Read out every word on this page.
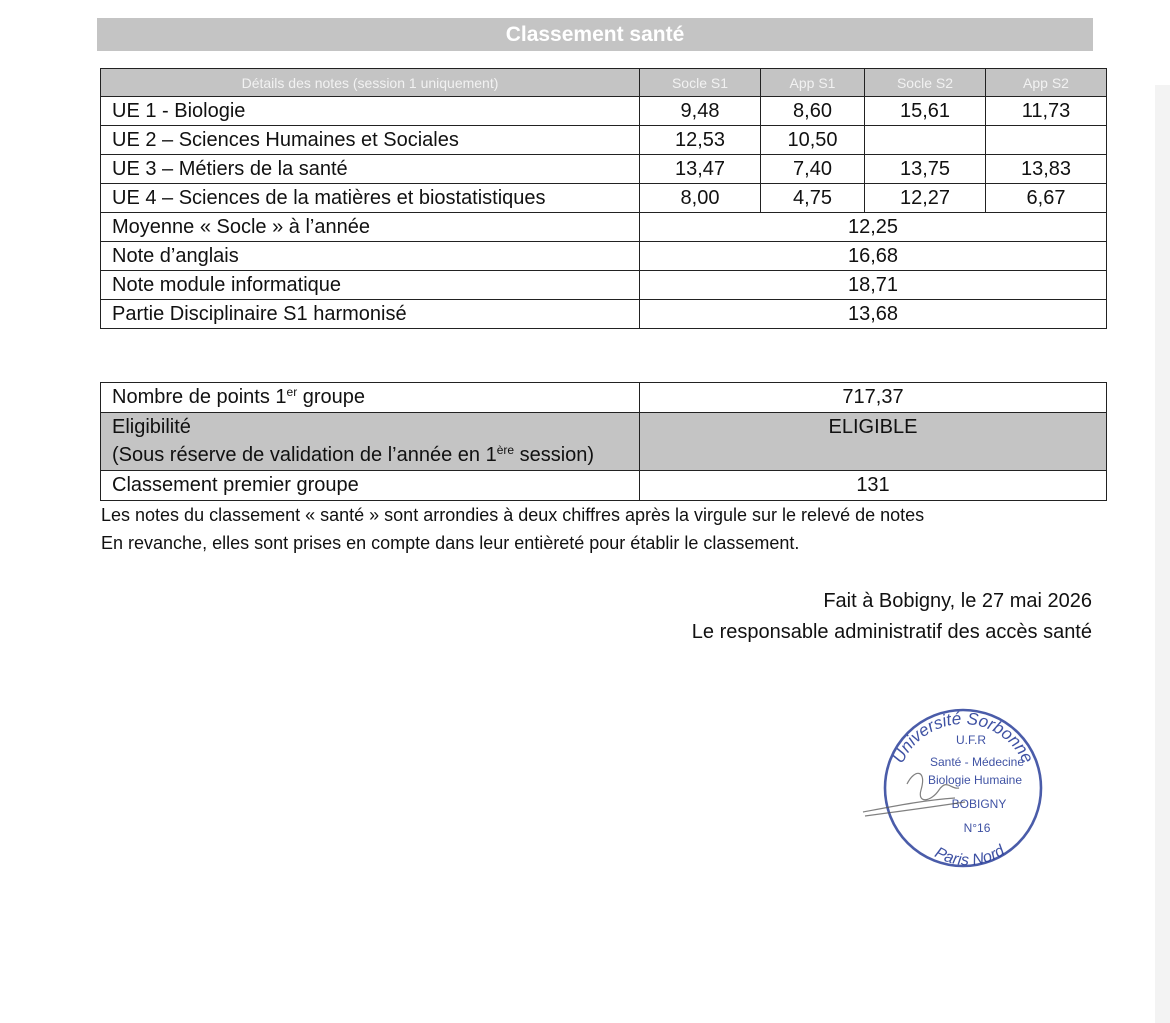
Classement santé
Détails des notes (session 1 uniquement)	Socle S1	App S1	Socle S2	App S2
UE 1 - Biologie	9,48	8,60	15,61	11,73
UE 2 – Sciences Humaines et Sociales	12,53	10,50		
UE 3 – Métiers de la santé	13,47	7,40	13,75	13,83
UE 4 – Sciences de la matières et biostatistiques	8,00	4,75	12,27	6,67
Moyenne « Socle » à l’année	12,25			
Note d’anglais	16,68			
Note module informatique	18,71			
Partie Disciplinaire S1 harmonisé	13,68			
Nombre de points 1er groupe	717,37
Eligibilité
(Sous réserve de validation de l’année en 1ère session)	ELIGIBLE
Classement premier groupe	131
Les notes du classement « santé » sont arrondies à deux chiffres après la virgule sur le relevé de notes
En revanche, elles sont prises en compte dans leur entièreté pour établir le classement.
Fait à Bobigny, le 27 mai 2026
Le responsable administratif des accès santé
Université Sorbonne
Paris Nord
U.F.R
Santé - Médecine
Biologie Humaine
BOBIGNY
N°16
